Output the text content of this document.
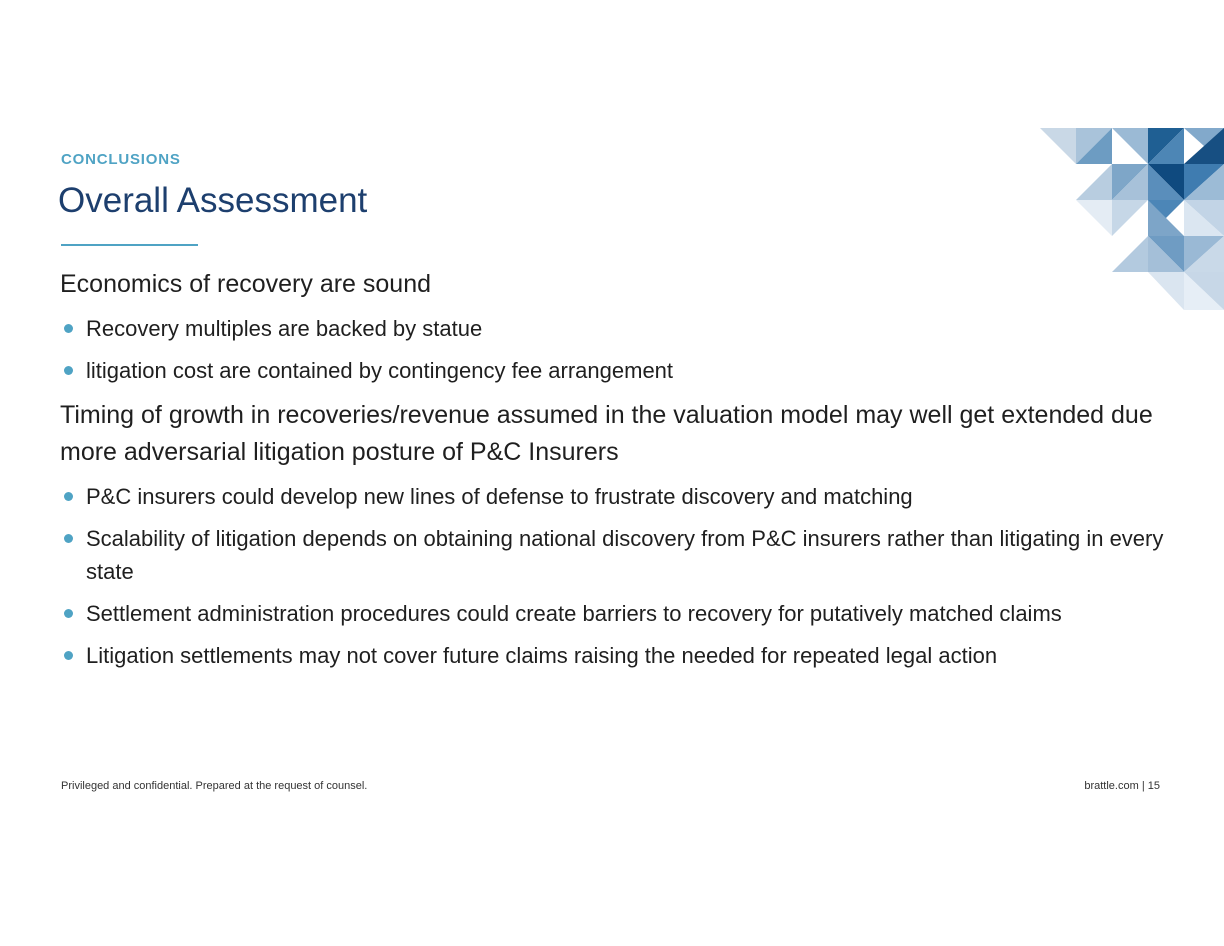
CONCLUSIONS
Overall Assessment

Economics of recovery are sound

Recovery multiples are backed by statue
litigation cost are contained by contingency fee arrangement

Timing of growth in recoveries/revenue assumed in the valuation model may well get extended due more adversarial litigation posture of P&C Insurers

P&C insurers could develop new lines of defense to frustrate discovery and matching
Scalability of litigation depends on obtaining national discovery from P&C insurers rather than litigating in every state
Settlement administration procedures could create barriers to recovery for putatively matched claims
Litigation settlements may not cover future claims raising the needed for repeated legal action
Privileged and confidential. Prepared at the request of counsel.	brattle.com | 15
